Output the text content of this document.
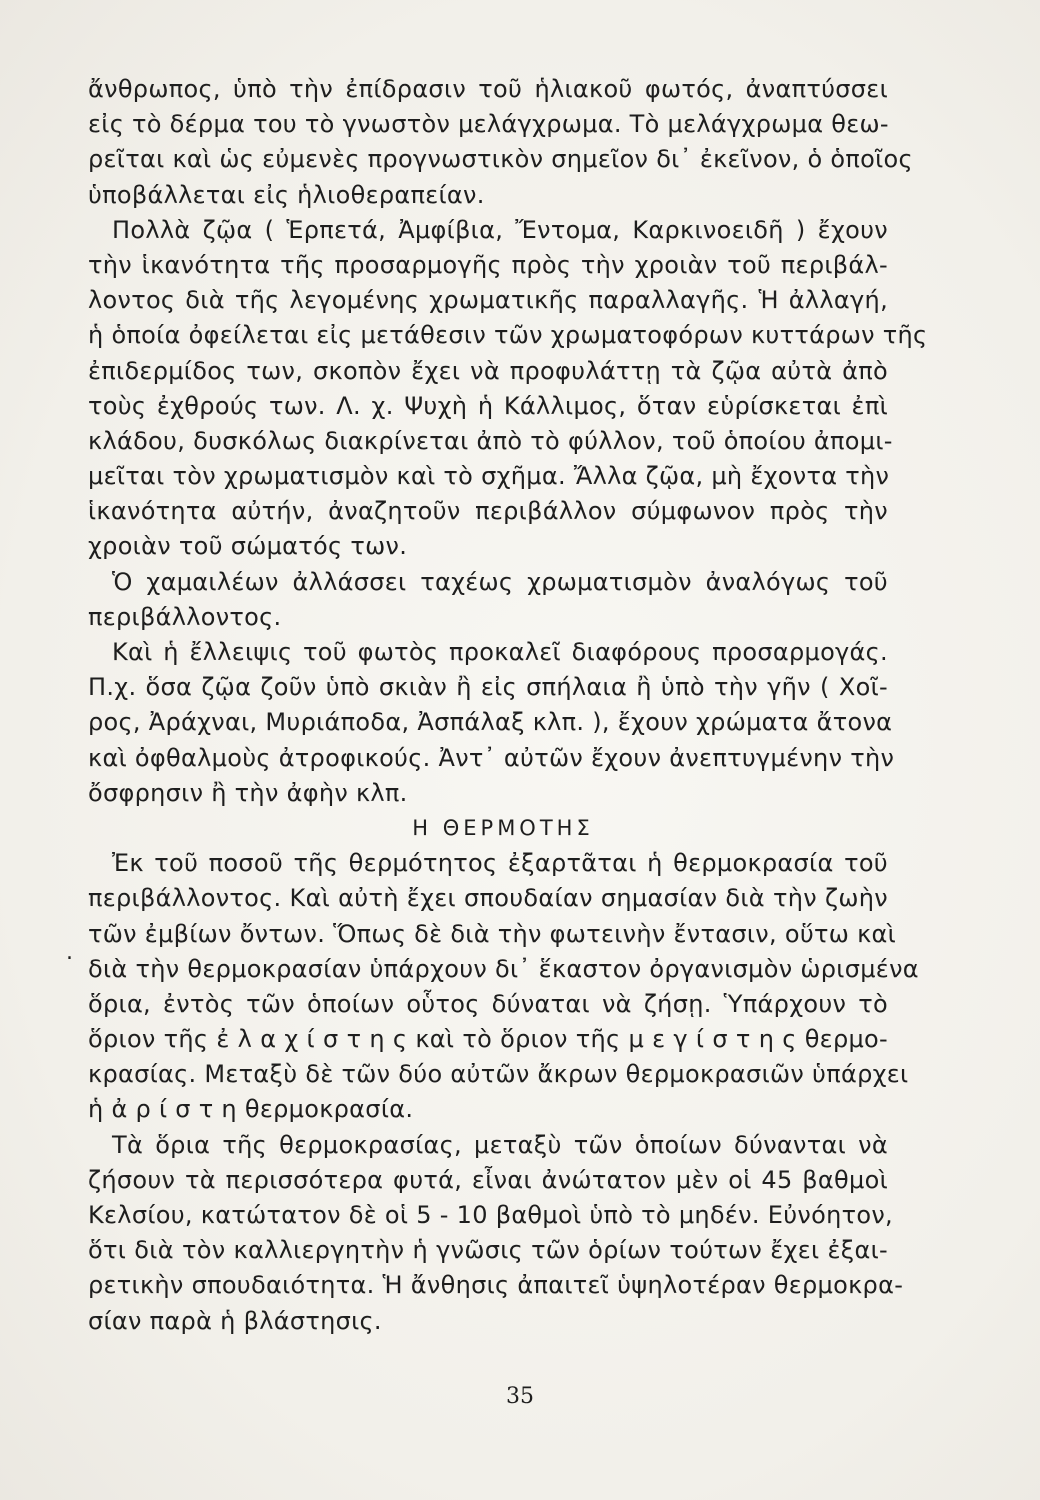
.
ἄνθρωπος, ὑπὸ τὴν ἐπίδρασιν τοῦ ἡλιακοῦ φωτός, ἀναπτύσσει
εἰς τὸ δέρμα του τὸ γνωστὸν μελάγχρωμα. Τὸ μελάγχρωμα θεω-
ρεῖται καὶ ὡς εὐμενὲς προγνωστικὸν σημεῖον δι᾽ ἐκεῖνον, ὁ ὁποῖος
ὑποβάλλεται εἰς ἡλιοθεραπείαν.
Πολλὰ ζῷα ( Ἑρπετά, Ἀμφίβια, Ἔντομα, Καρκινοειδῆ ) ἔχουν
τὴν ἱκανότητα τῆς προσαρμογῆς πρὸς τὴν χροιὰν τοῦ περιβάλ-
λοντος διὰ τῆς λεγομένης χρωματικῆς παραλλαγῆς. Ἡ ἀλλαγή,
ἡ ὁποία ὀφείλεται εἰς μετάθεσιν τῶν χρωματοφόρων κυττάρων τῆς
ἐπιδερμίδος των, σκοπὸν ἔχει νὰ προφυλάττῃ τὰ ζῷα αὐτὰ ἀπὸ
τοὺς ἐχθρούς των. Λ. χ. Ψυχὴ ἡ Κάλλιμος, ὅταν εὑρίσκεται ἐπὶ
κλάδου, δυσκόλως διακρίνεται ἀπὸ τὸ φύλλον, τοῦ ὁποίου ἀπομι-
μεῖται τὸν χρωματισμὸν καὶ τὸ σχῆμα. Ἄλλα ζῷα, μὴ ἔχοντα τὴν
ἱκανότητα αὐτήν, ἀναζητοῦν περιβάλλον σύμφωνον πρὸς τὴν
χροιὰν τοῦ σώματός των.
Ὁ χαμαιλέων ἀλλάσσει ταχέως χρωματισμὸν ἀναλόγως τοῦ
περιβάλλοντος.
Καὶ ἡ ἔλλειψις τοῦ φωτὸς προκαλεῖ διαφόρους προσαρμογάς.
Π.χ. ὅσα ζῷα ζοῦν ὑπὸ σκιὰν ἢ εἰς σπήλαια ἢ ὑπὸ τὴν γῆν ( Χοῖ-
ρος, Ἀράχναι, Μυριάποδα, Ἀσπάλαξ κλπ. ), ἔχουν χρώματα ἄτονα
καὶ ὀφθαλμοὺς ἀτροφικούς. Ἀντ᾽ αὐτῶν ἔχουν ἀνεπτυγμένην τὴν
ὄσφρησιν ἢ τὴν ἀφὴν κλπ.
Η ΘΕΡΜΟΤΗΣ
Ἐκ τοῦ ποσοῦ τῆς θερμότητος ἐξαρτᾶται ἡ θερμοκρασία τοῦ
περιβάλλοντος. Καὶ αὐτὴ ἔχει σπουδαίαν σημασίαν διὰ τὴν ζωὴν
τῶν ἐμβίων ὄντων. Ὅπως δὲ διὰ τὴν φωτεινὴν ἔντασιν, οὕτω καὶ
διὰ τὴν θερμοκρασίαν ὑπάρχουν δι᾽ ἕκαστον ὀργανισμὸν ὡρισμένα
ὅρια, ἐντὸς τῶν ὁποίων οὗτος δύναται νὰ ζήσῃ. Ὑπάρχουν τὸ
ὅριον τῆς ἐ λ α χ ί σ τ η ς καὶ τὸ ὅριον τῆς μ ε γ ί σ τ η ς θερμο-
κρασίας. Μεταξὺ δὲ τῶν δύο αὐτῶν ἄκρων θερμοκρασιῶν ὑπάρχει
ἡ ἀ ρ ί σ τ η θερμοκρασία.
Τὰ ὅρια τῆς θερμοκρασίας, μεταξὺ τῶν ὁποίων δύνανται νὰ
ζήσουν τὰ περισσότερα φυτά, εἶναι ἀνώτατον μὲν οἱ 45 βαθμοὶ
Κελσίου, κατώτατον δὲ οἱ 5 - 10 βαθμοὶ ὑπὸ τὸ μηδέν. Εὐνόητον,
ὅτι διὰ τὸν καλλιεργητὴν ἡ γνῶσις τῶν ὁρίων τούτων ἔχει ἐξαι-
ρετικὴν σπουδαιότητα. Ἡ ἄνθησις ἀπαιτεῖ ὑψηλοτέραν θερμοκρα-
σίαν παρὰ ἡ βλάστησις.
35
